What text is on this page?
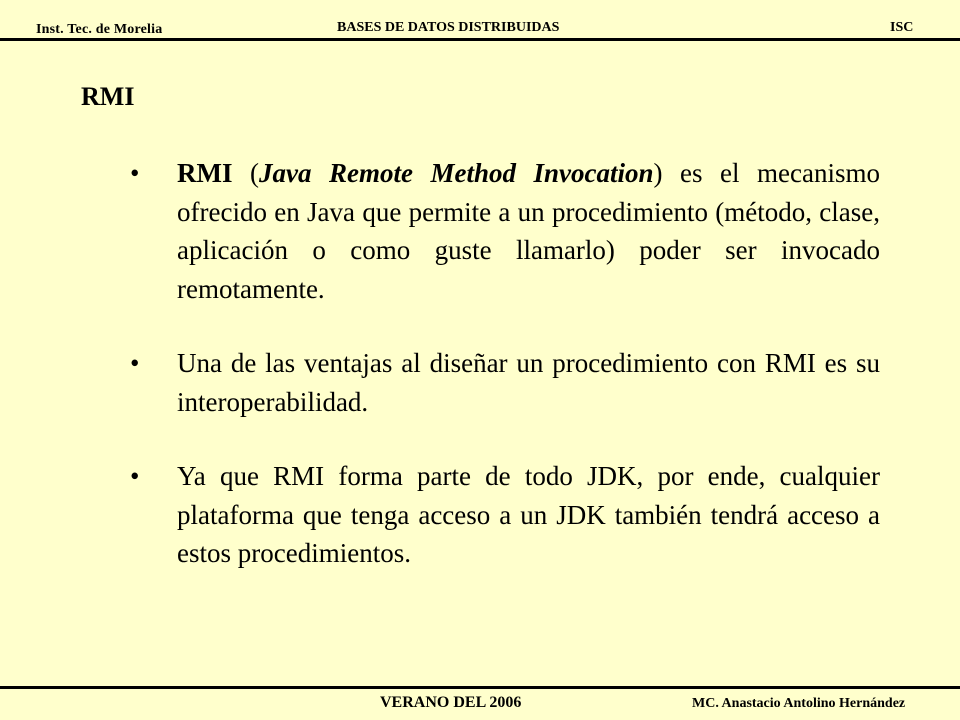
Inst. Tec. de Morelia	BASES DE DATOS DISTRIBUIDAS	ISC
RMI
•	RMI (Java Remote Method Invocation) es el mecanismo ofrecido en Java que permite a un procedimiento (método, clase, aplicación o como guste llamarlo) poder ser invocado remotamente.
•	Una de las ventajas al diseñar un procedimiento con RMI es su interoperabilidad.
•	Ya que RMI forma parte de todo JDK, por ende, cualquier plataforma que tenga acceso a un JDK también tendrá acceso a estos procedimientos.
VERANO DEL 2006	MC. Anastacio Antolino Hernández
